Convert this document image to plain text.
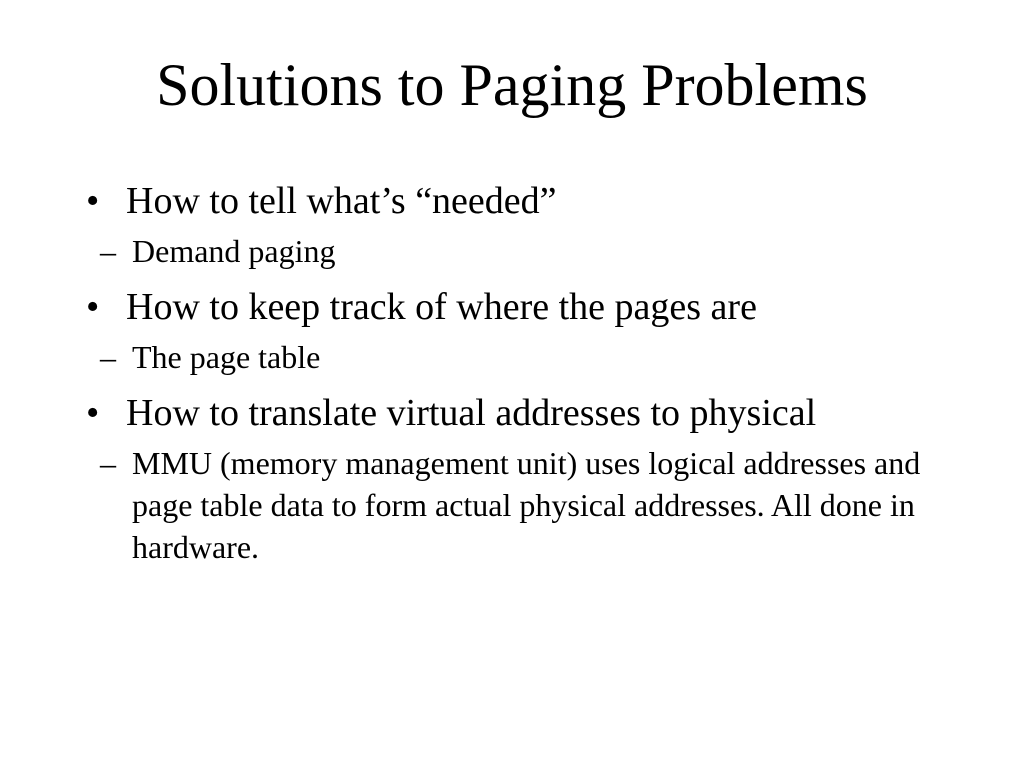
Solutions to Paging Problems
• How to tell what’s “needed”
– Demand paging
• How to keep track of where the pages are
– The page table
• How to translate virtual addresses to physical
– MMU (memory management unit) uses logical addresses and page table data to form actual physical addresses. All done in hardware.
